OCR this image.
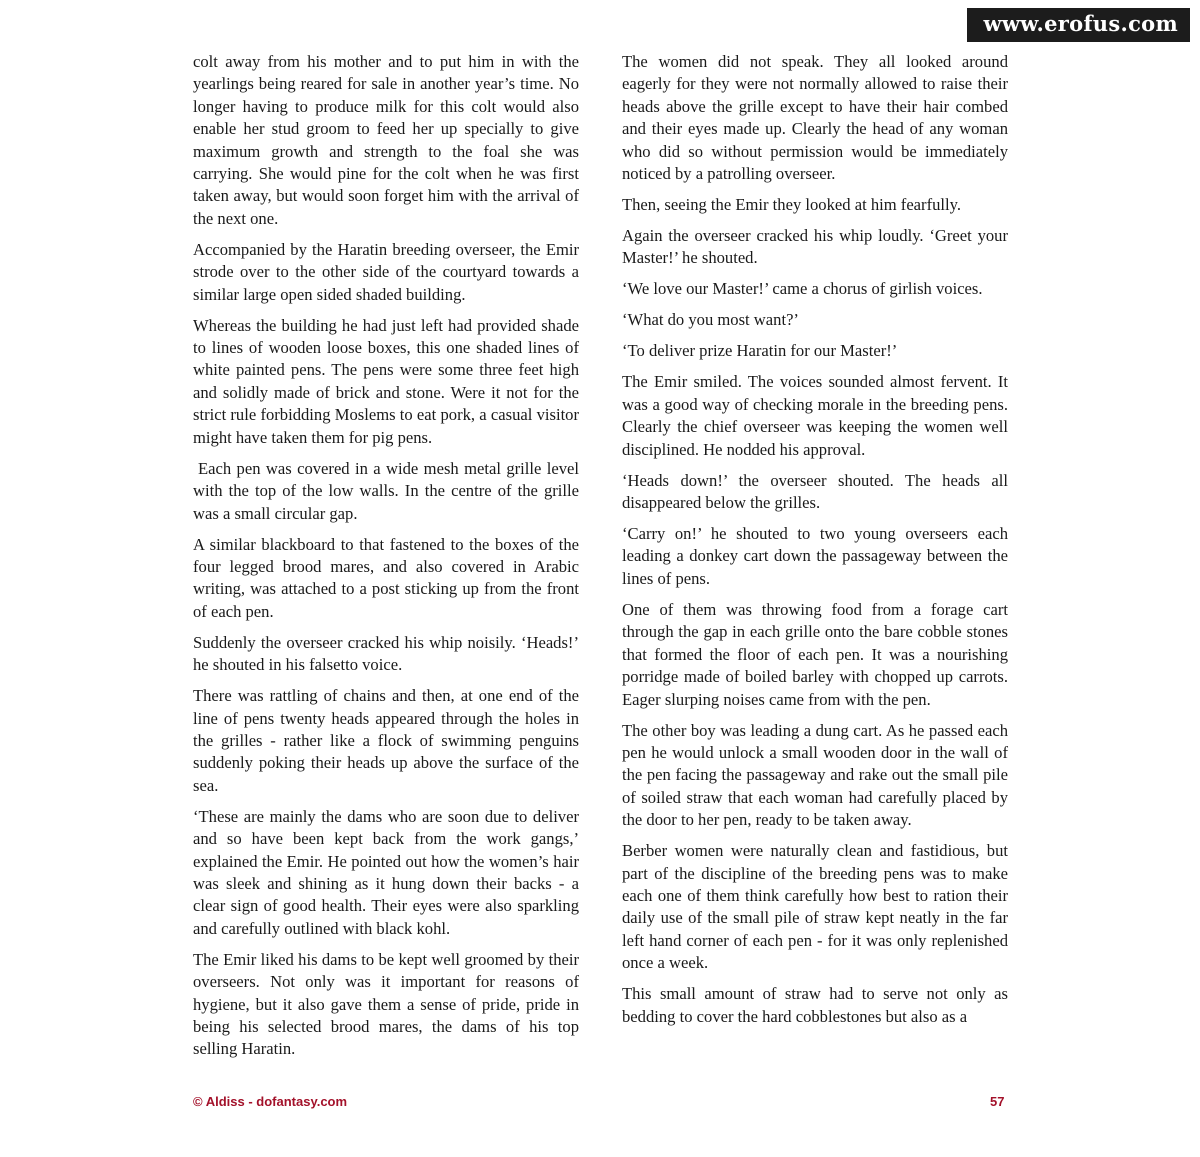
www.erofus.com

colt away from his mother and to put him in with the yearlings being reared for sale in another year’s time. No longer having to produce milk for this colt would also enable her stud groom to feed her up specially to give maximum growth and strength to the foal she was carrying. She would pine for the colt when he was first taken away, but would soon forget him with the arrival of the next one.

Accompanied by the Haratin breeding overseer, the Emir strode over to the other side of the courtyard towards a similar large open sided shaded building.

Whereas the building he had just left had provided shade to lines of wooden loose boxes, this one shaded lines of white painted pens. The pens were some three feet high and solidly made of brick and stone. Were it not for the strict rule forbidding Moslems to eat pork, a casual visitor might have taken them for pig pens.

Each pen was covered in a wide mesh metal grille level with the top of the low walls. In the centre of the grille was a small circular gap.

A similar blackboard to that fastened to the boxes of the four legged brood mares, and also covered in Arabic writing, was attached to a post sticking up from the front of each pen.

Suddenly the overseer cracked his whip noisily. ‘Heads!’ he shouted in his falsetto voice.

There was rattling of chains and then, at one end of the line of pens twenty heads appeared through the holes in the grilles - rather like a flock of swimming penguins suddenly poking their heads up above the surface of the sea.

‘These are mainly the dams who are soon due to deliver and so have been kept back from the work gangs,’ explained the Emir. He pointed out how the women’s hair was sleek and shining as it hung down their backs - a clear sign of good health. Their eyes were also sparkling and carefully outlined with black kohl.

The Emir liked his dams to be kept well groomed by their overseers. Not only was it important for reasons of hygiene, but it also gave them a sense of pride, pride in being his selected brood mares, the dams of his top selling Haratin.

The women did not speak. They all looked around eagerly for they were not normally allowed to raise their heads above the grille except to have their hair combed and their eyes made up. Clearly the head of any woman who did so without permission would be immediately noticed by a patrolling overseer.

Then, seeing the Emir they looked at him fearfully.

Again the overseer cracked his whip loudly. ‘Greet your Master!’ he shouted.

‘We love our Master!’ came a chorus of girlish voices.

‘What do you most want?’

‘To deliver prize Haratin for our Master!’

The Emir smiled. The voices sounded almost fervent. It was a good way of checking morale in the breeding pens. Clearly the chief overseer was keeping the women well disciplined. He nodded his approval.

‘Heads down!’ the overseer shouted. The heads all disappeared below the grilles.

‘Carry on!’ he shouted to two young overseers each leading a donkey cart down the passageway between the lines of pens.

One of them was throwing food from a forage cart through the gap in each grille onto the bare cobble stones that formed the floor of each pen. It was a nourishing porridge made of boiled barley with chopped up carrots. Eager slurping noises came from with the pen.

The other boy was leading a dung cart. As he passed each pen he would unlock a small wooden door in the wall of the pen facing the passageway and rake out the small pile of soiled straw that each woman had carefully placed by the door to her pen, ready to be taken away.

Berber women were naturally clean and fastidious, but part of the discipline of the breeding pens was to make each one of them think carefully how best to ration their daily use of the small pile of straw kept neatly in the far left hand corner of each pen - for it was only replenished once a week.

This small amount of straw had to serve not only as bedding to cover the hard cobblestones but also as a

© Aldiss - dofantasy.com	57
